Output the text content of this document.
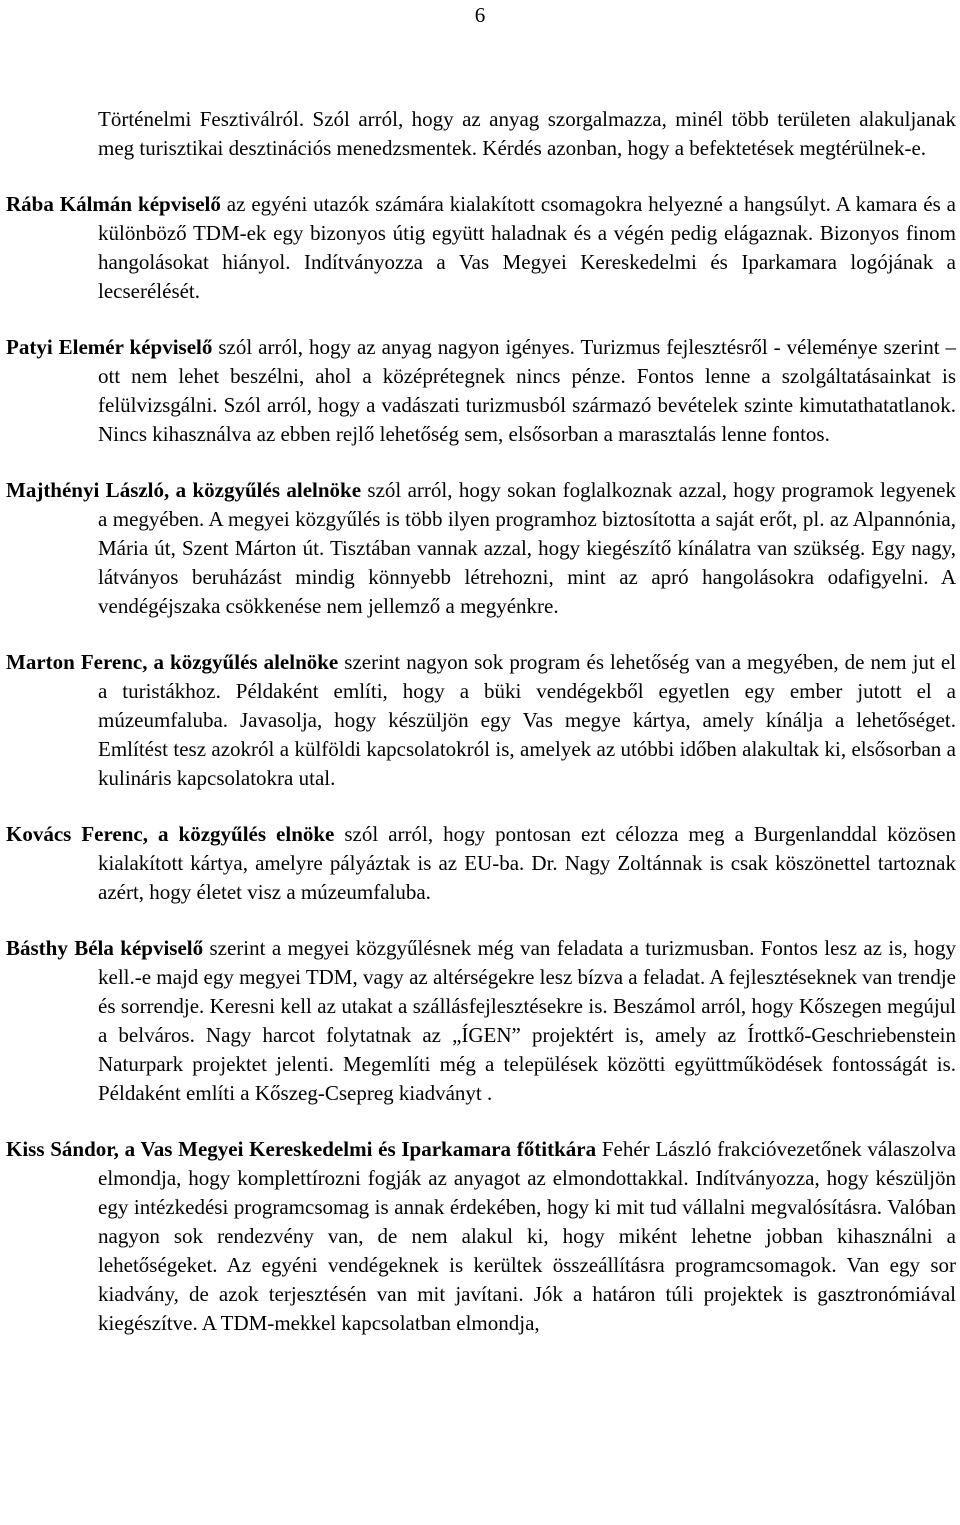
6

Történelmi Fesztiválról. Szól arról, hogy az anyag szorgalmazza, minél több területen alakuljanak meg turisztikai desztinációs menedzsmentek. Kérdés azonban, hogy a befektetések megtérülnek-e.

Rába Kálmán képviselő az egyéni utazók számára kialakított csomagokra helyezné a hangsúlyt. A kamara és a különböző TDM-ek egy bizonyos útig együtt haladnak és a végén pedig elágaznak. Bizonyos finom hangolásokat hiányol. Indítványozza a Vas Megyei Kereskedelmi és Iparkamara logójának a lecserélését.

Patyi Elemér képviselő szól arról, hogy az anyag nagyon igényes. Turizmus fejlesztésről - véleménye szerint – ott nem lehet beszélni, ahol a középrétegnek nincs pénze. Fontos lenne a szolgáltatásainkat is felülvizsgálni. Szól arról, hogy a vadászati turizmusból származó bevételek szinte kimutathatatlanok. Nincs kihasználva az ebben rejlő lehetőség sem, elsősorban a marasztalás lenne fontos.

Majthényi László, a közgyűlés alelnöke szól arról, hogy sokan foglalkoznak azzal, hogy programok legyenek a megyében. A megyei közgyűlés is több ilyen programhoz biztosította a saját erőt, pl. az Alpannónia, Mária út, Szent Márton út. Tisztában vannak azzal, hogy kiegészítő kínálatra van szükség. Egy nagy, látványos beruházást mindig könnyebb létrehozni, mint az apró hangolásokra odafigyelni. A vendégéjszaka csökkenése nem jellemző a megyénkre.

Marton Ferenc, a közgyűlés alelnöke szerint nagyon sok program és lehetőség van a megyében, de nem jut el a turistákhoz. Példaként említi, hogy a büki vendégekből egyetlen egy ember jutott el a múzeumfaluba. Javasolja, hogy készüljön egy Vas megye kártya, amely kínálja a lehetőséget. Említést tesz azokról a külföldi kapcsolatokról is, amelyek az utóbbi időben alakultak ki, elsősorban a kulináris kapcsolatokra utal.

Kovács Ferenc, a közgyűlés elnöke szól arról, hogy pontosan ezt célozza meg a Burgenlanddal közösen kialakított kártya, amelyre pályáztak is az EU-ba. Dr. Nagy Zoltánnak is csak köszönettel tartoznak azért, hogy életet visz a múzeumfaluba.

Básthy Béla képviselő szerint a megyei közgyűlésnek még van feladata a turizmusban. Fontos lesz az is, hogy kell.-e majd egy megyei TDM, vagy az altérségekre lesz bízva a feladat. A fejlesztéseknek van trendje és sorrendje. Keresni kell az utakat a szállásfejlesztésekre is. Beszámol arról, hogy Kőszegen megújul a belváros. Nagy harcot folytatnak az „ÍGEN” projektért is, amely az Írottkő-Geschriebenstein Naturpark projektet jelenti. Megemlíti még a települések közötti együttműködések fontosságát is. Példaként említi a Kőszeg-Csepreg kiadványt .

Kiss Sándor, a Vas Megyei Kereskedelmi és Iparkamara főtitkára Fehér László frakcióvezetőnek válaszolva elmondja, hogy komplettírozni fogják az anyagot az elmondottakkal. Indítványozza, hogy készüljön egy intézkedési programcsomag is annak érdekében, hogy ki mit tud vállalni megvalósításra. Valóban nagyon sok rendezvény van, de nem alakul ki, hogy miként lehetne jobban kihasználni a lehetőségeket. Az egyéni vendégeknek is kerültek összeállításra programcsomagok. Van egy sor kiadvány, de azok terjesztésén van mit javítani. Jók a határon túli projektek is gasztronómiával kiegészítve. A TDM-mekkel kapcsolatban elmondja,
